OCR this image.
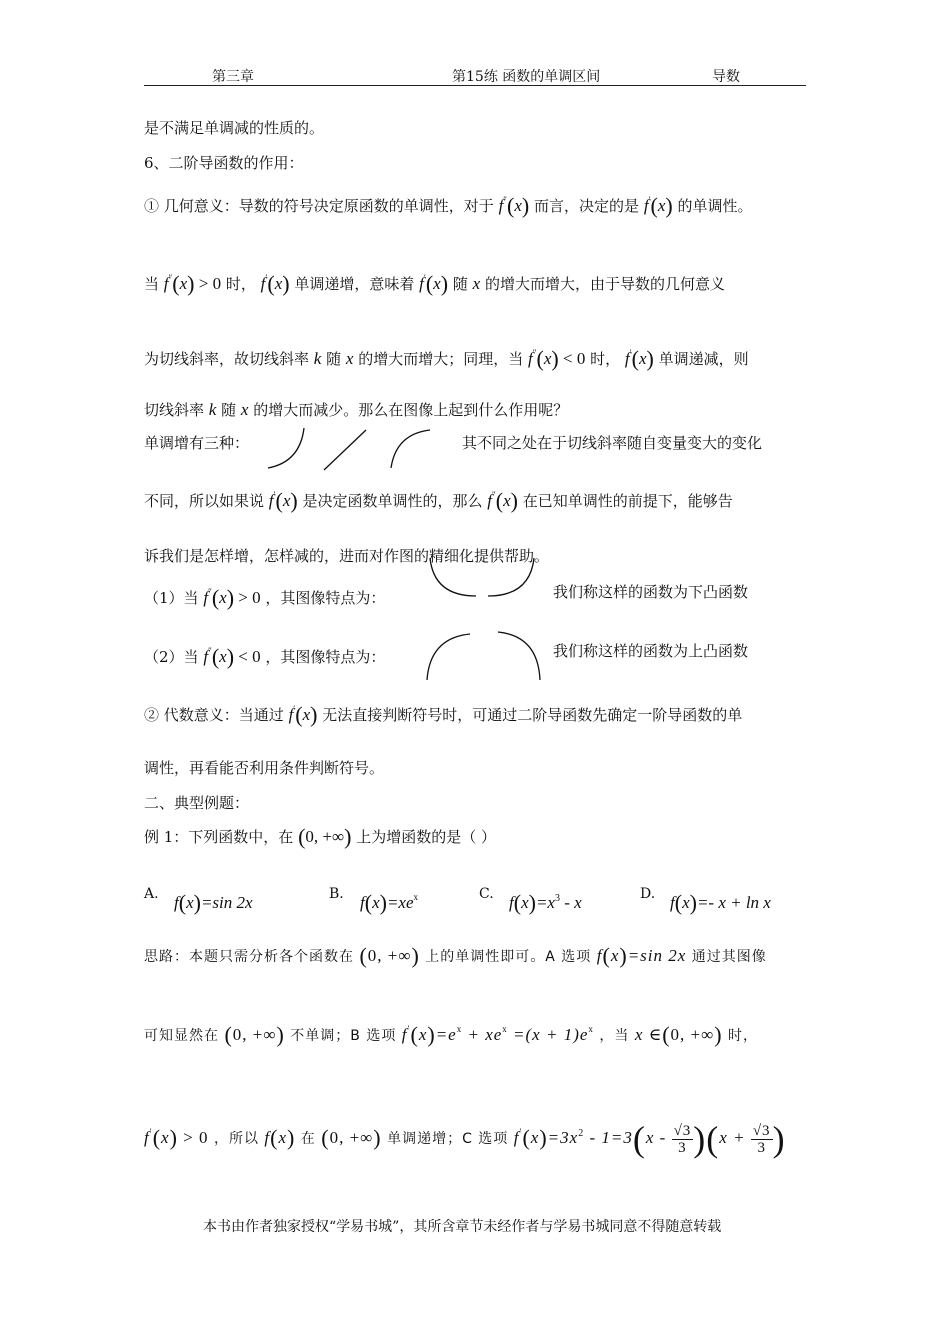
第三章	第15练 函数的单调区间	导数
是不满足单调减的性质的。
6、二阶导函数的作用：
① 几何意义：导数的符号决定原函数的单调性，对于 f″(x) 而言，决定的是 f′(x) 的单调性。
当 f″(x) > 0 时， f′(x) 单调递增，意味着 f′(x) 随 x 的增大而增大，由于导数的几何意义
为切线斜率，故切线斜率 k 随 x 的增大而增大；同理，当 f″(x) < 0 时， f′(x) 单调递减，则
切线斜率 k 随 x 的增大而减少。那么在图像上起到什么作用呢？
单调增有三种：	其不同之处在于切线斜率随自变量变大的变化
不同，所以如果说 f′(x) 是决定函数单调性的，那么 f″(x) 在已知单调性的前提下，能够告
诉我们是怎样增，怎样减的，进而对作图的精细化提供帮助。
（1）当 f″(x) > 0 ，其图像特点为：	我们称这样的函数为下凸函数
（2）当 f″(x) < 0 ，其图像特点为：	我们称这样的函数为上凸函数
② 代数意义：当通过 f′(x) 无法直接判断符号时，可通过二阶导函数先确定一阶导函数的单
调性，再看能否利用条件判断符号。
二、典型例题：
例 1：下列函数中，在 (0, +∞) 上为增函数的是（ ）
A. f(x)=sin 2x	B. $f(x)=xe^x$	C. $f(x)=x^3 - x$	D. f(x)=- x + ln x
思路：本题只需分析各个函数在 (0, +∞) 上的单调性即可。A 选项 f(x)=sin 2x 通过其图像
可知显然在 (0, +∞) 不单调；B 选项 $f'(x)=e^x + xe^x =(x + 1)e^x$ ，当 x ∈(0, +∞) 时，
f′(x) > 0 ，所以 f(x) 在 (0, +∞) 单调递增；C 选项 $f'(x)=3x^2 - 1=3(x - \frac{√3}{3} )(x + \frac{√3}{3}$ )
本书由作者独家授权“学易书城”，其所含章节未经作者与学易书城同意不得随意转载
